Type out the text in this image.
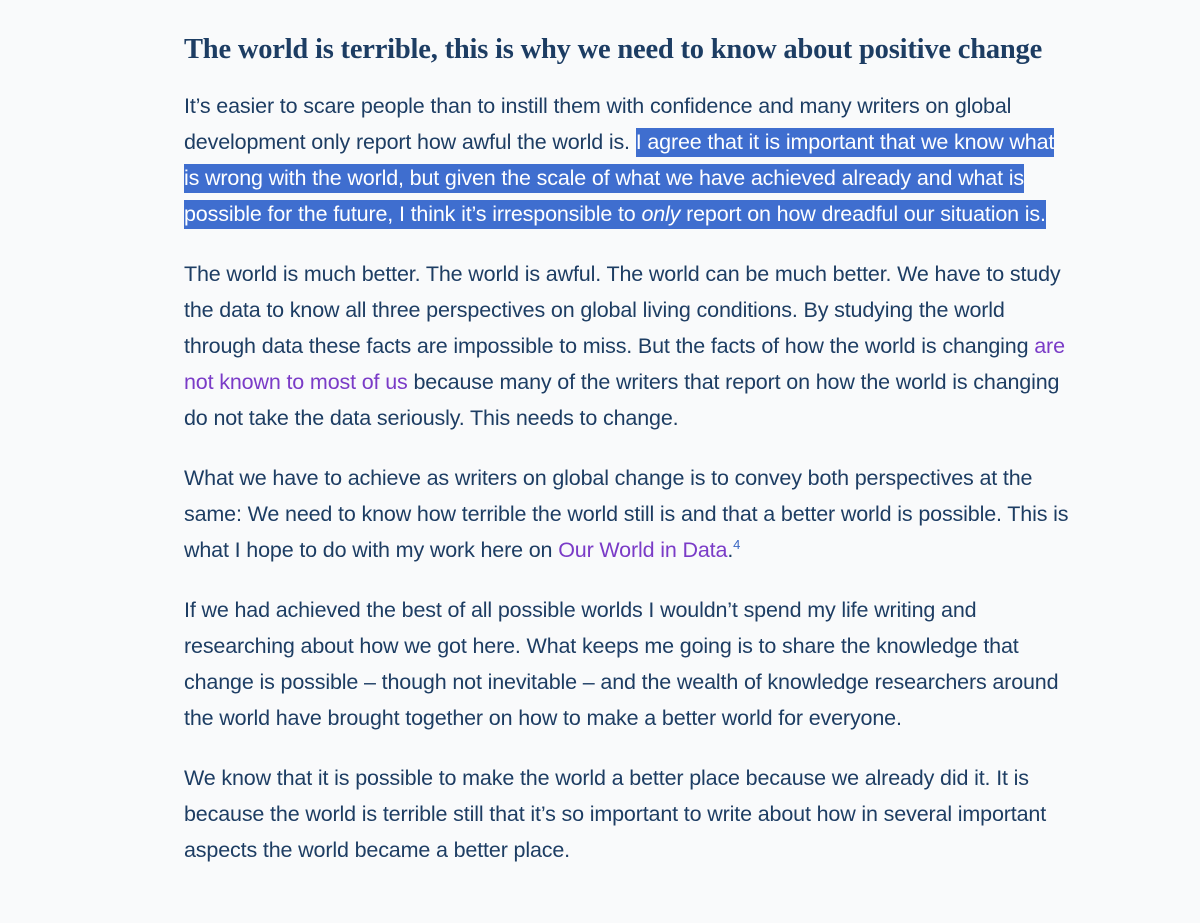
The world is terrible, this is why we need to know about positive change

It’s easier to scare people than to instill them with confidence and many writers on global development only report how awful the world is. I agree that it is important that we know what is wrong with the world, but given the scale of what we have achieved already and what is possible for the future, I think it’s irresponsible to only report on how dreadful our situation is.

The world is much better. The world is awful. The world can be much better. We have to study the data to know all three perspectives on global living conditions. By studying the world through data these facts are impossible to miss. But the facts of how the world is changing are not known to most of us because many of the writers that report on how the world is changing do not take the data seriously. This needs to change.

What we have to achieve as writers on global change is to convey both perspectives at the same: We need to know how terrible the world still is and that a better world is possible. This is what I hope to do with my work here on Our World in Data.$^4$

If we had achieved the best of all possible worlds I wouldn’t spend my life writing and researching about how we got here. What keeps me going is to share the knowledge that change is possible – though not inevitable – and the wealth of knowledge researchers around the world have brought together on how to make a better world for everyone.

We know that it is possible to make the world a better place because we already did it. It is because the world is terrible still that it’s so important to write about how in several important aspects the world became a better place.
